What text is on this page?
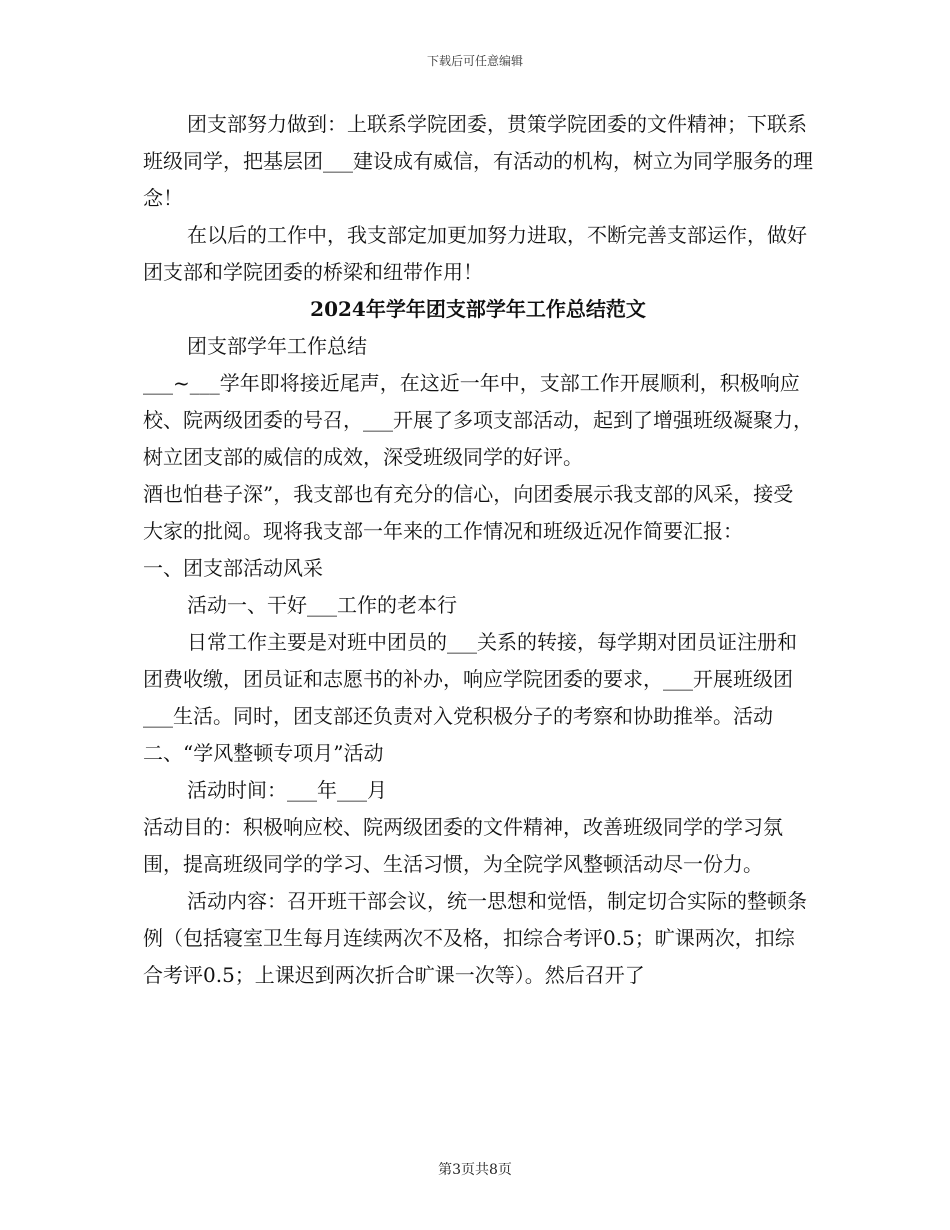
下载后可任意编辑

团支部努力做到：上联系学院团委，贯策学院团委的文件精神；下联系班级同学，把基层团___建设成有威信，有活动的机构，树立为同学服务的理念！

在以后的工作中，我支部定加更加努力进取，不断完善支部运作，做好团支部和学院团委的桥梁和纽带作用！

2024年学年团支部学年工作总结范文

团支部学年工作总结

___~___学年即将接近尾声，在这近一年中，支部工作开展顺利，积极响应校、院两级团委的号召，___开展了多项支部活动，起到了增强班级凝聚力，树立团支部的威信的成效，深受班级同学的好评。

酒也怕巷子深”，我支部也有充分的信心，向团委展示我支部的风采，接受大家的批阅。现将我支部一年来的工作情况和班级近况作简要汇报：

一、团支部活动风采

活动一、干好___工作的老本行

日常工作主要是对班中团员的___关系的转接，每学期对团员证注册和团费收缴，团员证和志愿书的补办，响应学院团委的要求，___开展班级团___生活。同时，团支部还负责对入党积极分子的考察和协助推举。活动二、“学风整顿专项月”活动

活动时间：___年___月

活动目的：积极响应校、院两级团委的文件精神，改善班级同学的学习氛围，提高班级同学的学习、生活习惯，为全院学风整顿活动尽一份力。

活动内容：召开班干部会议，统一思想和觉悟，制定切合实际的整顿条例（包括寝室卫生每月连续两次不及格，扣综合考评0.5；旷课两次，扣综合考评0.5；上课迟到两次折合旷课一次等）。然后召开了

第3页共8页
